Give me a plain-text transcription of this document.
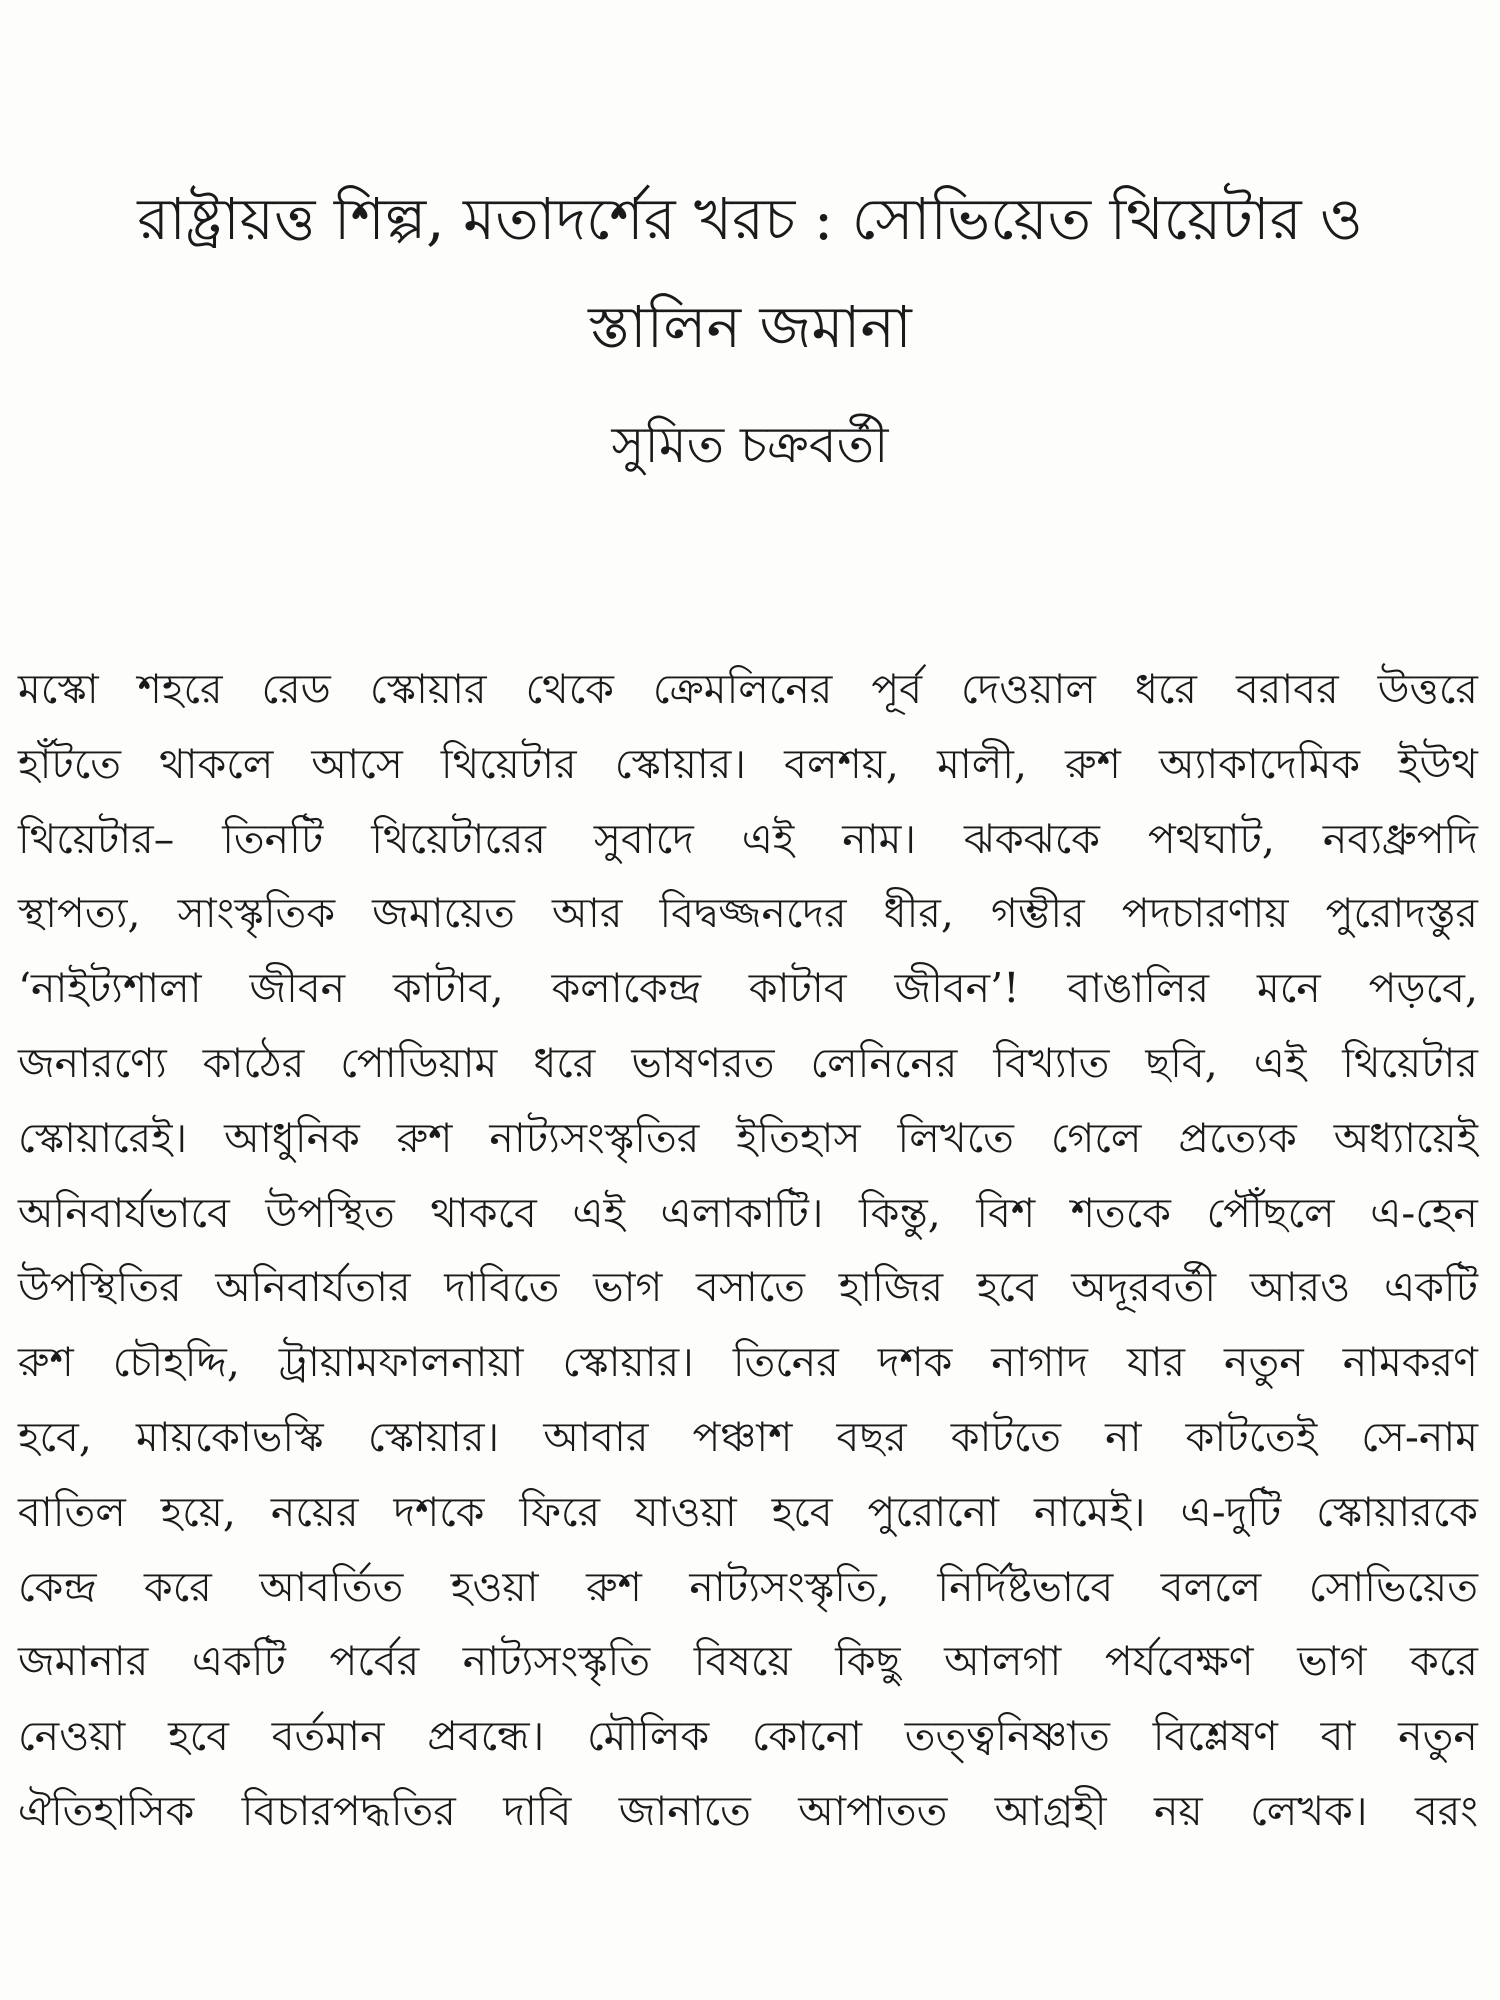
রাষ্ট্রায়ত্ত শিল্প, মতাদর্শের খরচ : সোভিয়েত থিয়েটার ও
স্তালিন জমানা
সুমিত চক্রবর্তী
মস্কো শহরে রেড স্কোয়ার থেকে ক্রেমলিনের পূর্ব দেওয়াল ধরে বরাবর উত্তরে
হাঁটতে থাকলে আসে থিয়েটার স্কোয়ার। বলশয়, মালী, রুশ অ্যাকাদেমিক ইউথ
থিয়েটার– তিনটি থিয়েটারের সুবাদে এই নাম। ঝকঝকে পথঘাট, নব্যধ্রুপদি
স্থাপত্য, সাংস্কৃতিক জমায়েত আর বিদ্বজ্জনদের ধীর, গম্ভীর পদচারণায় পুরোদস্তুর
‘নাইট্যশালা জীবন কাটাব, কলাকেন্দ্র কাটাব জীবন’! বাঙালির মনে পড়বে,
জনারণ্যে কাঠের পোডিয়াম ধরে ভাষণরত লেনিনের বিখ্যাত ছবি, এই থিয়েটার
স্কোয়ারেই। আধুনিক রুশ নাট্যসংস্কৃতির ইতিহাস লিখতে গেলে প্রত্যেক অধ্যায়েই
অনিবার্যভাবে উপস্থিত থাকবে এই এলাকাটি। কিন্তু, বিশ শতকে পৌঁছলে এ-হেন
উপস্থিতির অনিবার্যতার দাবিতে ভাগ বসাতে হাজির হবে অদূরবর্তী আরও একটি
রুশ চৌহদ্দি, ট্রায়ামফালনায়া স্কোয়ার। তিনের দশক নাগাদ যার নতুন নামকরণ
হবে, মায়কোভস্কি স্কোয়ার। আবার পঞ্চাশ বছর কাটতে না কাটতেই সে-নাম
বাতিল হয়ে, নয়ের দশকে ফিরে যাওয়া হবে পুরোনো নামেই। এ-দুটি স্কোয়ারকে
কেন্দ্র করে আবর্তিত হওয়া রুশ নাট্যসংস্কৃতি, নির্দিষ্টভাবে বললে সোভিয়েত
জমানার একটি পর্বের নাট্যসংস্কৃতি বিষয়ে কিছু আলগা পর্যবেক্ষণ ভাগ করে
নেওয়া হবে বর্তমান প্রবন্ধে। মৌলিক কোনো তত্ত্বনিষ্ণাত বিশ্লেষণ বা নতুন
ঐতিহাসিক বিচারপদ্ধতির দাবি জানাতে আপাতত আগ্রহী নয় লেখক। বরং
